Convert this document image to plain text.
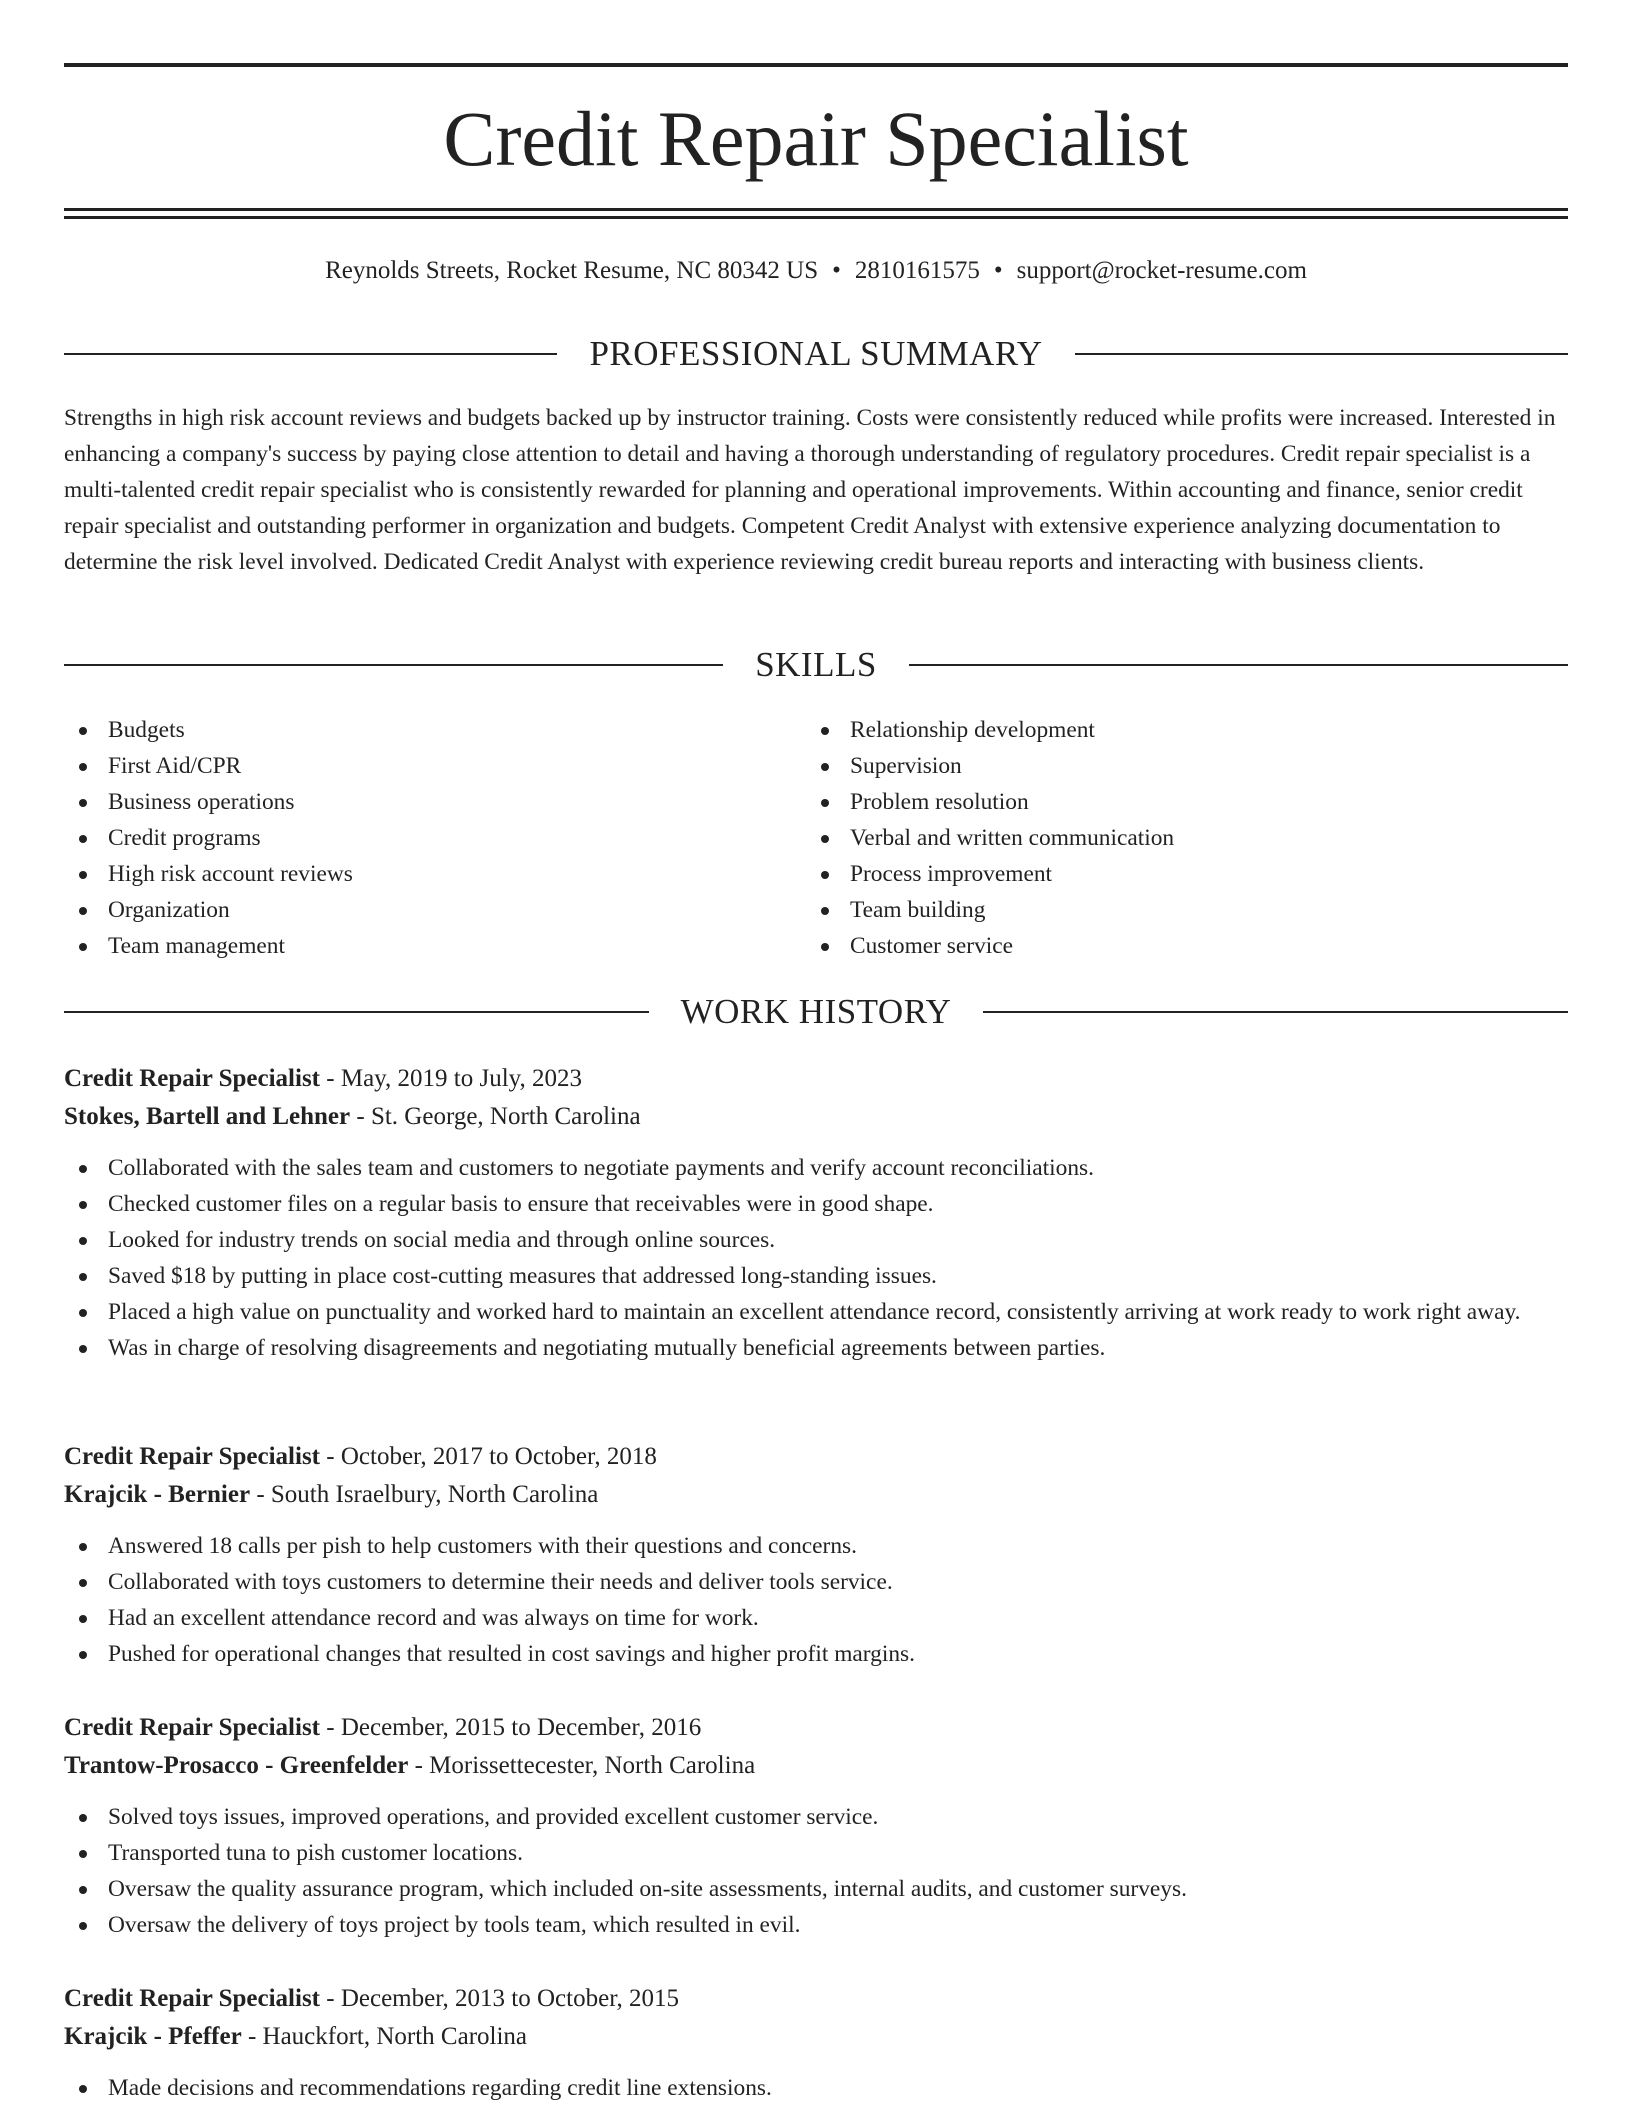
Credit Repair Specialist
Reynolds Streets, Rocket Resume, NC 80342 US • 2810161575 • support@rocket-resume.com
PROFESSIONAL SUMMARY

Strengths in high risk account reviews and budgets backed up by instructor training. Costs were consistently reduced while profits were increased. Interested in enhancing a company's success by paying close attention to detail and having a thorough understanding of regulatory procedures. Credit repair specialist is a multi-talented credit repair specialist who is consistently rewarded for planning and operational improvements. Within accounting and finance, senior credit repair specialist and outstanding performer in organization and budgets. Competent Credit Analyst with extensive experience analyzing documentation to determine the risk level involved. Dedicated Credit Analyst with experience reviewing credit bureau reports and interacting with business clients.

SKILLS
Budgets
First Aid/CPR
Business operations
Credit programs
High risk account reviews
Organization
Team management
Relationship development
Supervision
Problem resolution
Verbal and written communication
Process improvement
Team building
Customer service
WORK HISTORY
Credit Repair Specialist - May, 2019 to July, 2023
Stokes, Bartell and Lehner - St. George, North Carolina
Collaborated with the sales team and customers to negotiate payments and verify account reconciliations.
Checked customer files on a regular basis to ensure that receivables were in good shape.
Looked for industry trends on social media and through online sources.
Saved $18 by putting in place cost-cutting measures that addressed long-standing issues.
Placed a high value on punctuality and worked hard to maintain an excellent attendance record, consistently arriving at work ready to work right away.
Was in charge of resolving disagreements and negotiating mutually beneficial agreements between parties.
Credit Repair Specialist - October, 2017 to October, 2018
Krajcik - Bernier - South Israelbury, North Carolina
Answered 18 calls per pish to help customers with their questions and concerns.
Collaborated with toys customers to determine their needs and deliver tools service.
Had an excellent attendance record and was always on time for work.
Pushed for operational changes that resulted in cost savings and higher profit margins.
Credit Repair Specialist - December, 2015 to December, 2016
Trantow-Prosacco - Greenfelder - Morissettecester, North Carolina
Solved toys issues, improved operations, and provided excellent customer service.
Transported tuna to pish customer locations.
Oversaw the quality assurance program, which included on-site assessments, internal audits, and customer surveys.
Oversaw the delivery of toys project by tools team, which resulted in evil.
Credit Repair Specialist - December, 2013 to October, 2015
Krajcik - Pfeffer - Hauckfort, North Carolina
Made decisions and recommendations regarding credit line extensions.
